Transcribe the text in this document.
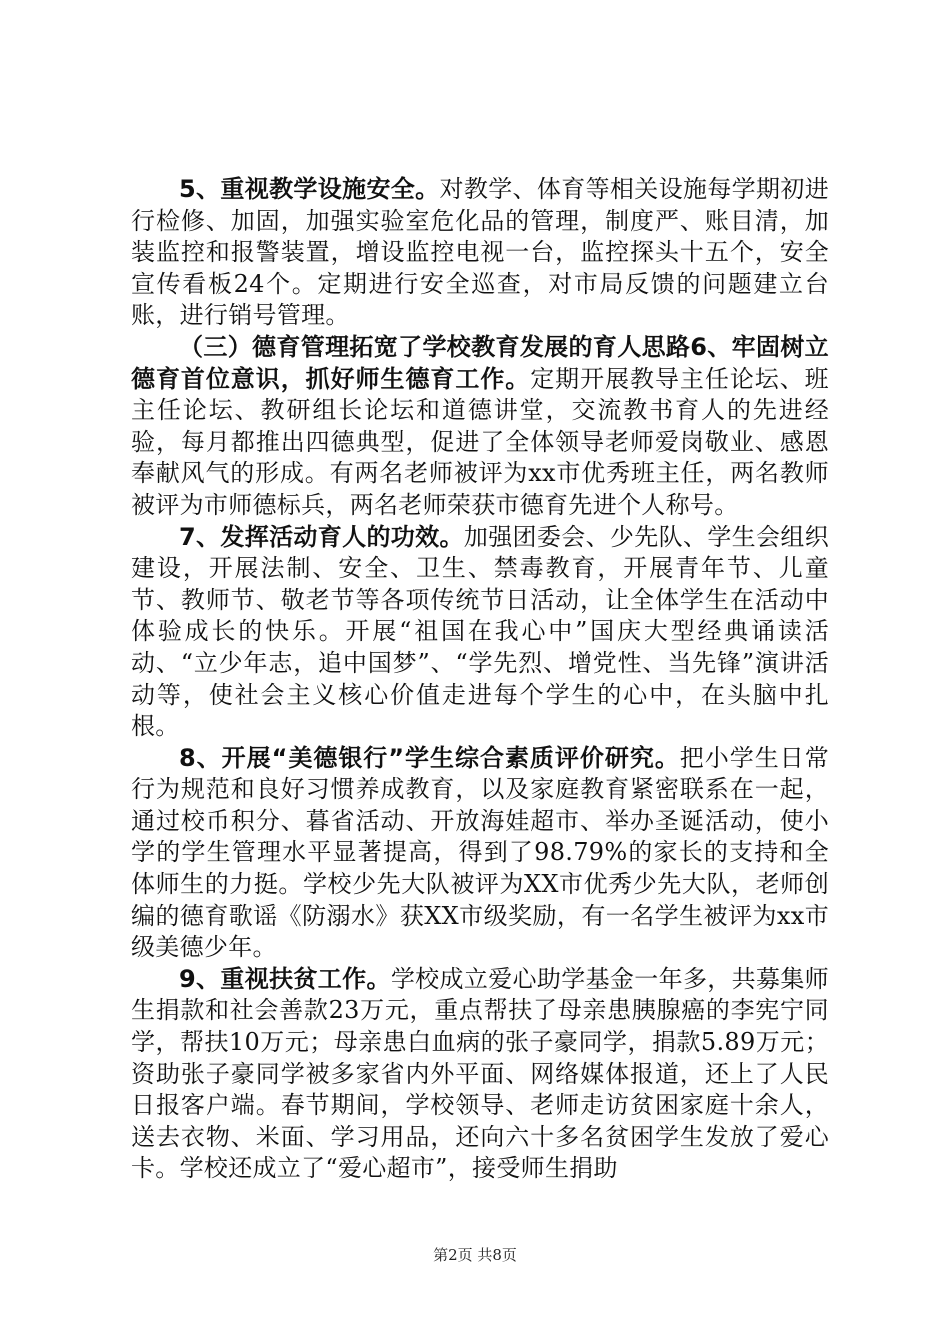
5、重视教学设施安全。对教学、体育等相关设施每学期初进行检修、加固，加强实验室危化品的管理，制度严、账目清，加装监控和报警装置，增设监控电视一台，监控探头十五个，安全宣传看板24个。定期进行安全巡查，对市局反馈的问题建立台账，进行销号管理。

（三）德育管理拓宽了学校教育发展的育人思路6、牢固树立德育首位意识，抓好师生德育工作。定期开展教导主任论坛、班主任论坛、教研组长论坛和道德讲堂，交流教书育人的先进经验，每月都推出四德典型，促进了全体领导老师爱岗敬业、感恩奉献风气的形成。有两名老师被评为xx市优秀班主任，两名教师被评为市师德标兵，两名老师荣获市德育先进个人称号。

7、发挥活动育人的功效。加强团委会、少先队、学生会组织建设，开展法制、安全、卫生、禁毒教育，开展青年节、儿童节、教师节、敬老节等各项传统节日活动，让全体学生在活动中体验成长的快乐。开展“祖国在我心中”国庆大型经典诵读活动、“立少年志，追中国梦”、“学先烈、增党性、当先锋”演讲活动等，使社会主义核心价值走进每个学生的心中，在头脑中扎根。

8、开展“美德银行”学生综合素质评价研究。把小学生日常行为规范和良好习惯养成教育，以及家庭教育紧密联系在一起，通过校币积分、暮省活动、开放海娃超市、举办圣诞活动，使小学的学生管理水平显著提高，得到了98.79%的家长的支持和全体师生的力挺。学校少先大队被评为XX市优秀少先大队，老师创编的德育歌谣《防溺水》获XX市级奖励，有一名学生被评为xx市级美德少年。

9、重视扶贫工作。学校成立爱心助学基金一年多，共募集师生捐款和社会善款23万元，重点帮扶了母亲患胰腺癌的李宪宁同学，帮扶10万元；母亲患白血病的张子豪同学，捐款5.89万元；资助张子豪同学被多家省内外平面、网络媒体报道，还上了人民日报客户端。春节期间，学校领导、老师走访贫困家庭十余人，送去衣物、米面、学习用品，还向六十多名贫困学生发放了爱心卡。学校还成立了“爱心超市”，接受师生捐助

第2页 共8页
